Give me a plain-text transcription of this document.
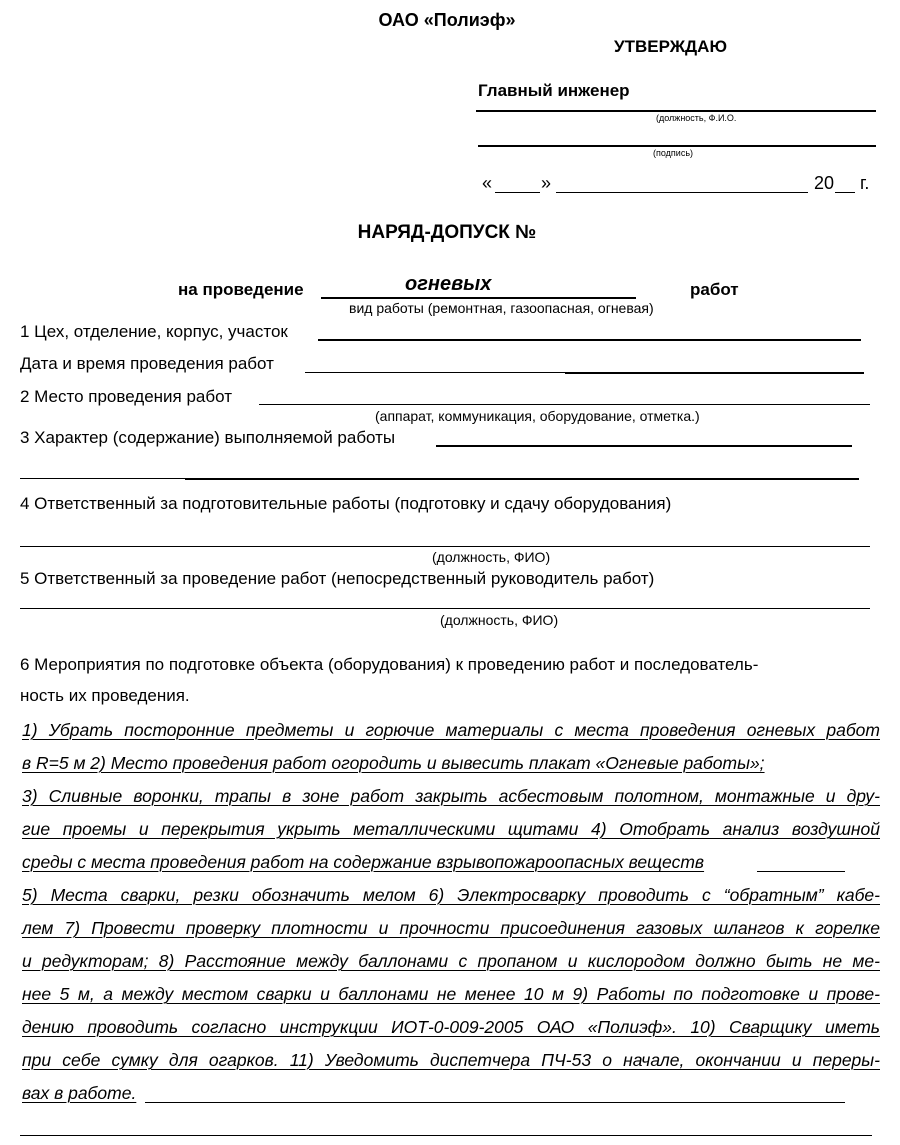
ОАО «Полиэф»
УТВЕРЖДАЮ
Главный инженер
(должность, Ф.И.О.
(подпись)
«	»	20 г.
НАРЯД-ДОПУСК №
на проведение	огневых	работ
вид работы (ремонтная, газоопасная, огневая)
1 Цех, отделение, корпус, участок
Дата и время проведения работ
2 Место проведения работ
(аппарат, коммуникация, оборудование, отметка.)
3 Характер (содержание) выполняемой работы
4 Ответственный за подготовительные работы (подготовку и сдачу оборудования)
(должность, ФИО)
5 Ответственный за проведение работ (непосредственный руководитель работ)
(должность, ФИО)
6 Мероприятия по подготовке объекта (оборудования) к проведению работ и последователь-
ность их проведения.
1) Убрать посторонние предметы и горючие материалы с места проведения огневых работ
в R=5 м 2) Место проведения работ огородить и вывесить плакат «Огневые работы»;
3) Сливные воронки, трапы в зоне работ закрыть асбестовым полотном, монтажные и дру-
гие проемы и перекрытия укрыть металлическими щитами 4) Отобрать анализ воздушной
среды с места проведения работ на содержание взрывопожароопасных веществ
5) Места сварки, резки обозначить мелом 6) Электросварку проводить с “обратным” кабе-
лем 7) Провести проверку плотности и прочности присоединения газовых шлангов к горелке
и редукторам; 8) Расстояние между баллонами с пропаном и кислородом должно быть не ме-
нее 5 м, а между местом сварки и баллонами не менее 10 м 9) Работы по подготовке и прове-
дению проводить согласно инструкции ИОТ-0-009-2005 ОАО «Полиэф». 10) Сварщику иметь
при себе сумку для огарков. 11) Уведомить диспетчера ПЧ-53 о начале, окончании и переры-
вах в работе.
